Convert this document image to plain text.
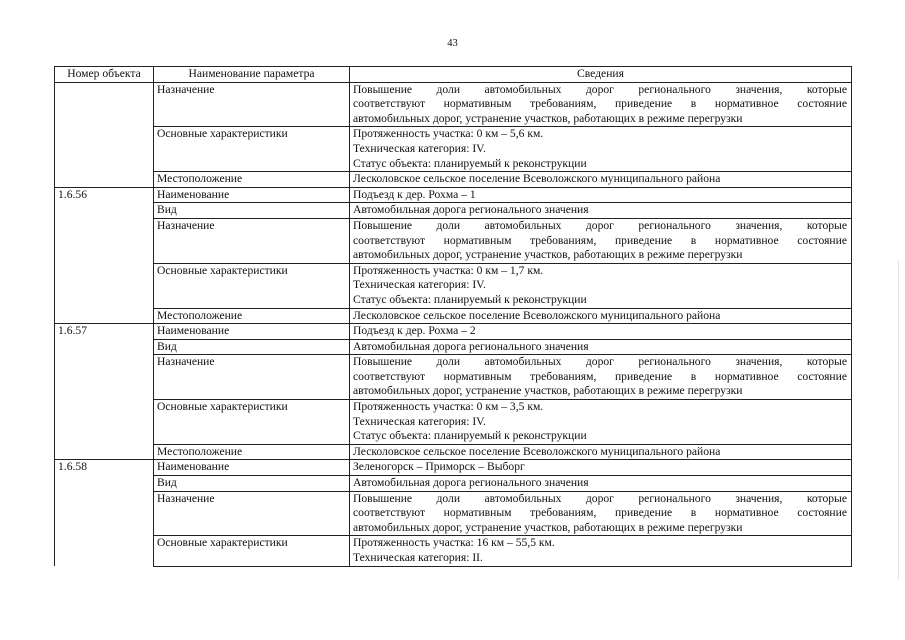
43
Номер объекта	Наименование параметра	Сведения
	Назначение	Повышение доли автомобильных дорог регионального значения, которые
соответствуют нормативным требованиям, приведение в нормативное состояние
автомобильных дорог, устранение участков, работающих в режиме перегрузки

	Основные характеристики	Протяженность участка: 0 км – 5,6 км.
Техническая категория: IV.
Статус объекта: планируемый к реконструкции

	Местоположение	Лесколовское сельское поселение Всеволожского муниципального района

1.6.56	Наименование	Подъезд к дер. Рохма – 1

	Вид	Автомобильная дорога регионального значения

	Назначение	Повышение доли автомобильных дорог регионального значения, которые
соответствуют нормативным требованиям, приведение в нормативное состояние
автомобильных дорог, устранение участков, работающих в режиме перегрузки

	Основные характеристики	Протяженность участка: 0 км – 1,7 км.
Техническая категория: IV.
Статус объекта: планируемый к реконструкции

	Местоположение	Лесколовское сельское поселение Всеволожского муниципального района

1.6.57	Наименование	Подъезд к дер. Рохма – 2

	Вид	Автомобильная дорога регионального значения

	Назначение	Повышение доли автомобильных дорог регионального значения, которые
соответствуют нормативным требованиям, приведение в нормативное состояние
автомобильных дорог, устранение участков, работающих в режиме перегрузки

	Основные характеристики	Протяженность участка: 0 км – 3,5 км.
Техническая категория: IV.
Статус объекта: планируемый к реконструкции

	Местоположение	Лесколовское сельское поселение Всеволожского муниципального района

1.6.58	Наименование	Зеленогорск – Приморск – Выборг

	Вид	Автомобильная дорога регионального значения

	Назначение	Повышение доли автомобильных дорог регионального значения, которые
соответствуют нормативным требованиям, приведение в нормативное состояние
автомобильных дорог, устранение участков, работающих в режиме перегрузки

	Основные характеристики	Протяженность участка: 16 км – 55,5 км.
Техническая категория: II.
